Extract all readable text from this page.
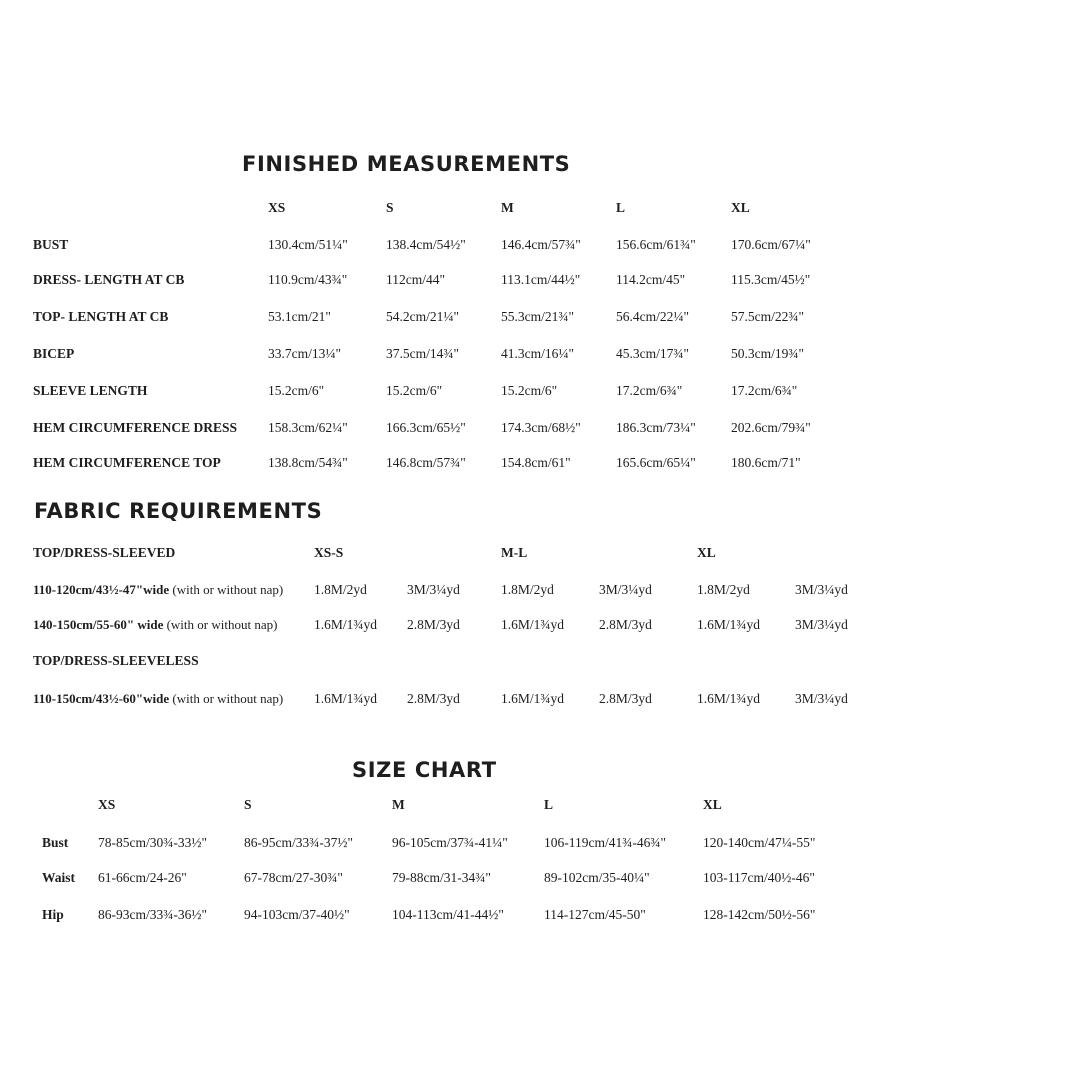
FINISHED MEASUREMENTS
XS	S	M	L	XL
BUST	130.4cm/51¼"	138.4cm/54½"	146.4cm/57¾"	156.6cm/61¾"	170.6cm/67¼"
DRESS- LENGTH AT CB	110.9cm/43¾"	112cm/44"	113.1cm/44½"	114.2cm/45"	115.3cm/45½"
TOP- LENGTH AT CB	53.1cm/21"	54.2cm/21¼"	55.3cm/21¾"	56.4cm/22¼"	57.5cm/22¾"
BICEP	33.7cm/13¼"	37.5cm/14¾"	41.3cm/16¼"	45.3cm/17¾"	50.3cm/19¾"
SLEEVE LENGTH	15.2cm/6"	15.2cm/6"	15.2cm/6"	17.2cm/6¾"	17.2cm/6¾"
HEM CIRCUMFERENCE DRESS 158.3cm/62¼"	166.3cm/65½"	174.3cm/68½"	186.3cm/73¼"	202.6cm/79¾"
HEM CIRCUMFERENCE TOP	138.8cm/54¾"	146.8cm/57¾"	154.8cm/61"	165.6cm/65¼"	180.6cm/71"
FABRIC REQUIREMENTS
TOP/DRESS-SLEEVED	XS-S	M-L	XL
110-120cm/43½-47"wide (with or without nap) 1.8M/2yd	3M/3¼yd	1.8M/2yd	3M/3¼yd	1.8M/2yd	3M/3¼yd
140-150cm/55-60" wide (with or without nap)	1.6M/1¾yd 2.8M/3yd	1.6M/1¾yd	2.8M/3yd	1.6M/1¾yd	3M/3¼yd
TOP/DRESS-SLEEVELESS
110-150cm/43½-60"wide (with or without nap) 1.6M/1¾yd 2.8M/3yd	1.6M/1¾yd	2.8M/3yd	1.6M/1¾yd	3M/3¼yd
SIZE CHART
XS	S	M	L	XL
Bust 78-85cm/30¾-33½"	86-95cm/33¾-37½"	96-105cm/37¾-41¼"	106-119cm/41¾-46¾"	120-140cm/47¼-55"
Waist 61-66cm/24-26"	67-78cm/27-30¾"	79-88cm/31-34¾"	89-102cm/35-40¼"	103-117cm/40½-46"
Hip	86-93cm/33¾-36½"	94-103cm/37-40½"	104-113cm/41-44½"	114-127cm/45-50"	128-142cm/50½-56"
